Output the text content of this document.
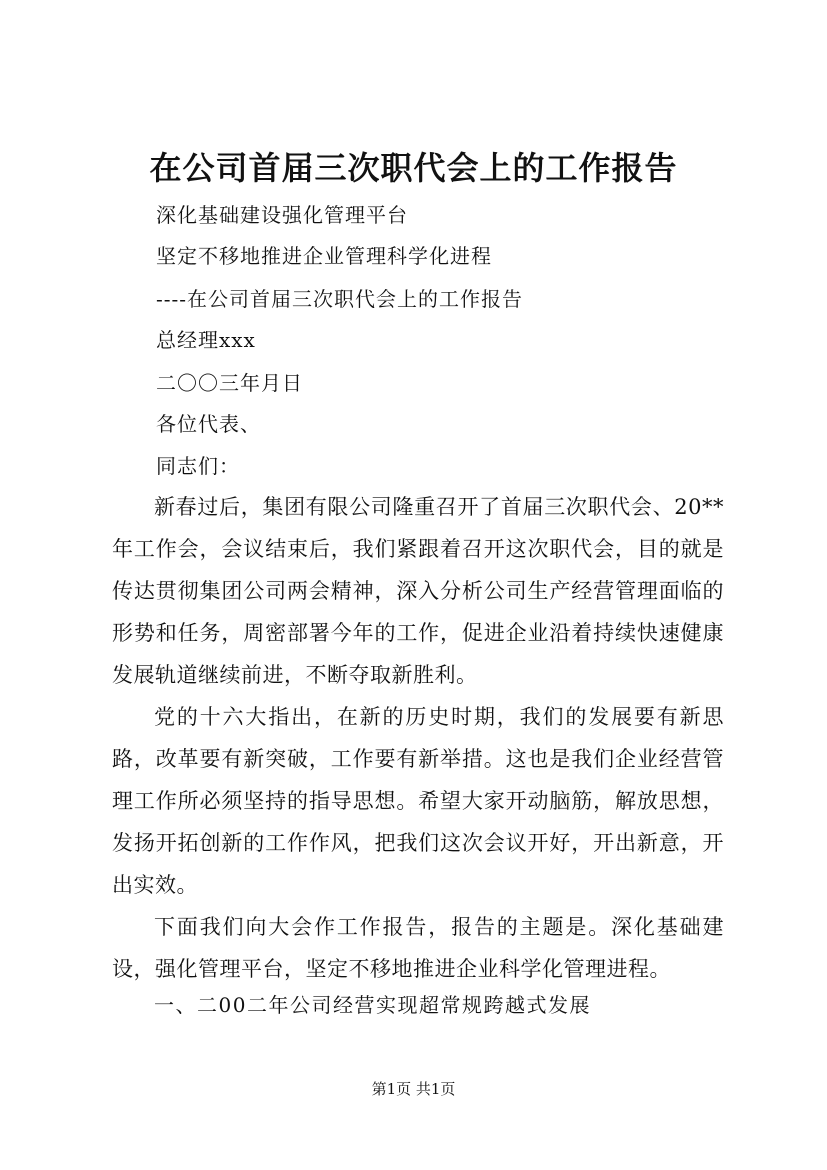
在公司首届三次职代会上的工作报告
深化基础建设强化管理平台
坚定不移地推进企业管理科学化进程
----在公司首届三次职代会上的工作报告
总经理xxx
二〇〇三年月日
各位代表、
同志们：
新春过后，集团有限公司隆重召开了首届三次职代会、20**年工作会，会议结束后，我们紧跟着召开这次职代会，目的就是传达贯彻集团公司两会精神，深入分析公司生产经营管理面临的形势和任务，周密部署今年的工作，促进企业沿着持续快速健康发展轨道继续前进，不断夺取新胜利。
党的十六大指出，在新的历史时期，我们的发展要有新思路，改革要有新突破，工作要有新举措。这也是我们企业经营管理工作所必须坚持的指导思想。希望大家开动脑筋，解放思想，发扬开拓创新的工作作风，把我们这次会议开好，开出新意，开出实效。
下面我们向大会作工作报告，报告的主题是。深化基础建设，强化管理平台，坚定不移地推进企业科学化管理进程。
一、二00二年公司经营实现超常规跨越式发展
第1页 共1页
